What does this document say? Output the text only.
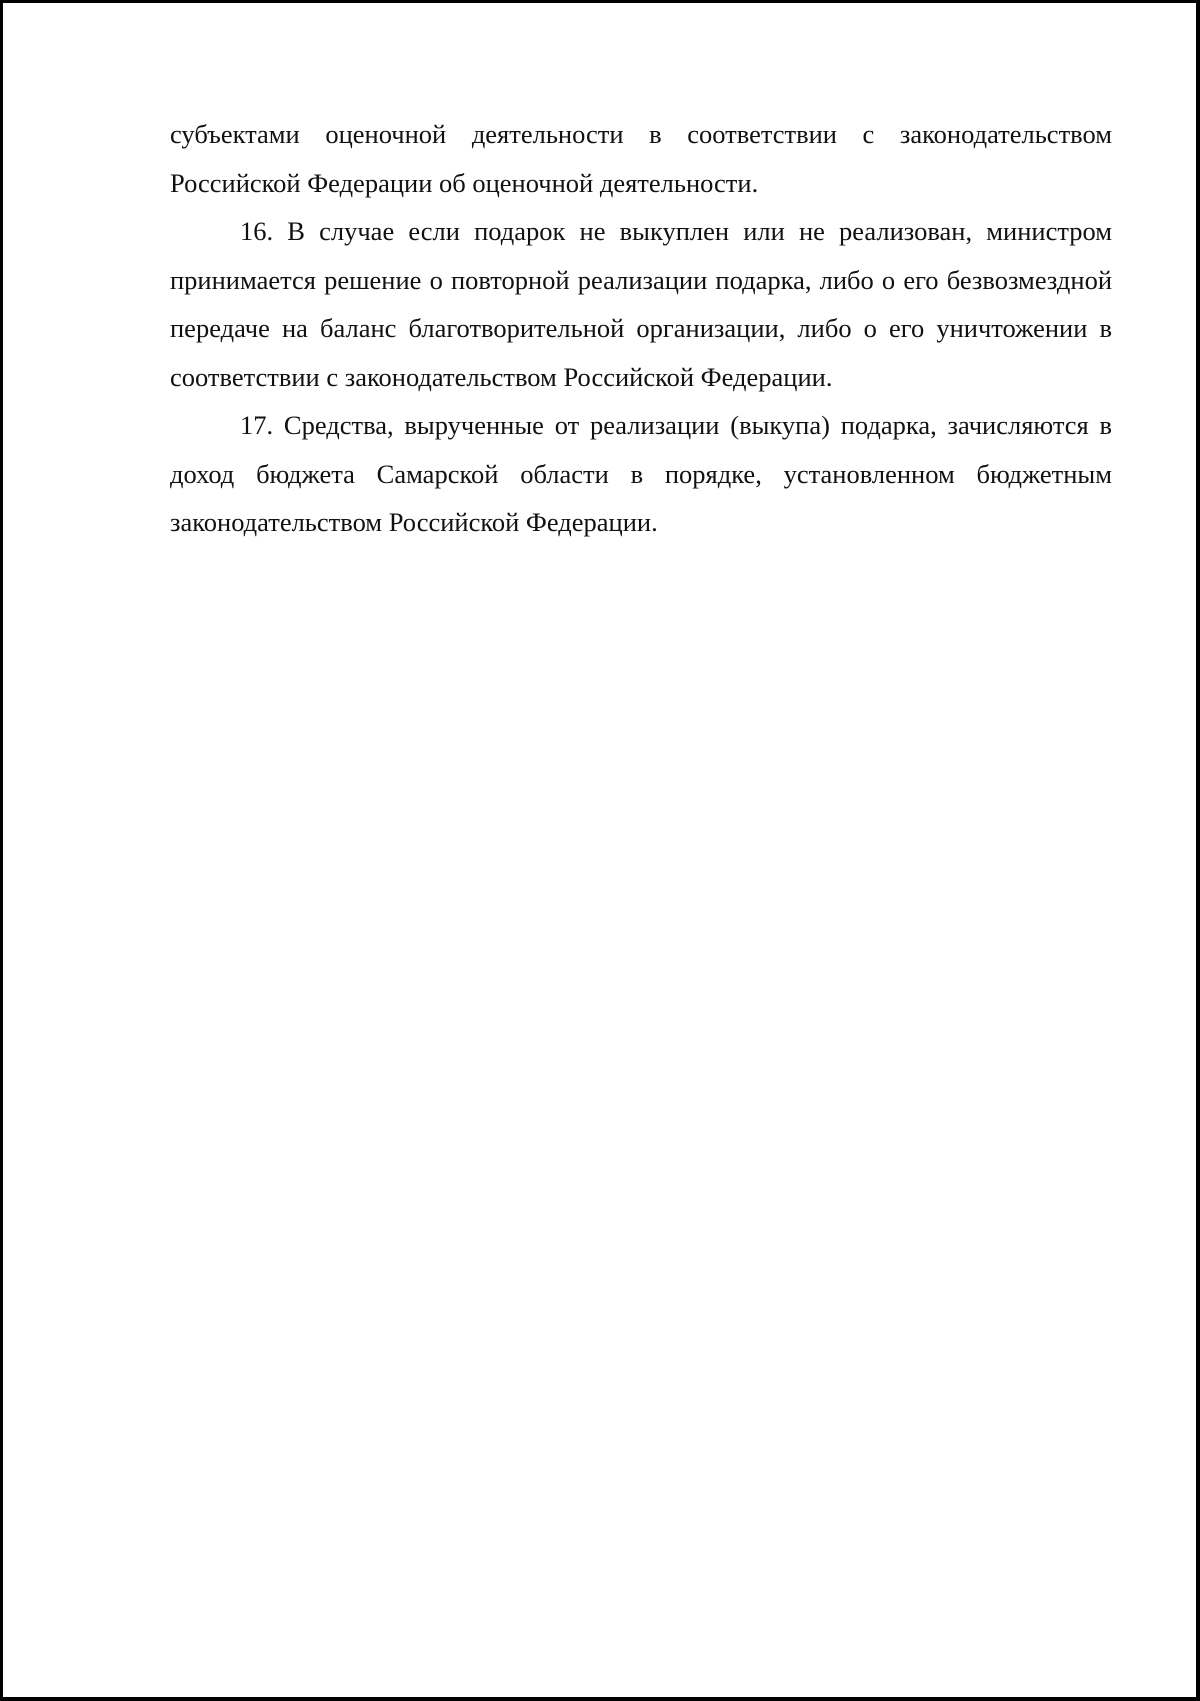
субъектами оценочной деятельности в соответствии с законодательством Российской Федерации об оценочной деятельности.

16. В случае если подарок не выкуплен или не реализован, министром принимается решение о повторной реализации подарка, либо о его безвозмездной передаче на баланс благотворительной организации, либо о его уничтожении в соответствии с законодательством Российской Федерации.

17. Средства, вырученные от реализации (выкупа) подарка, зачисляются в доход бюджета Самарской области в порядке, установленном бюджетным законодательством Российской Федерации.
